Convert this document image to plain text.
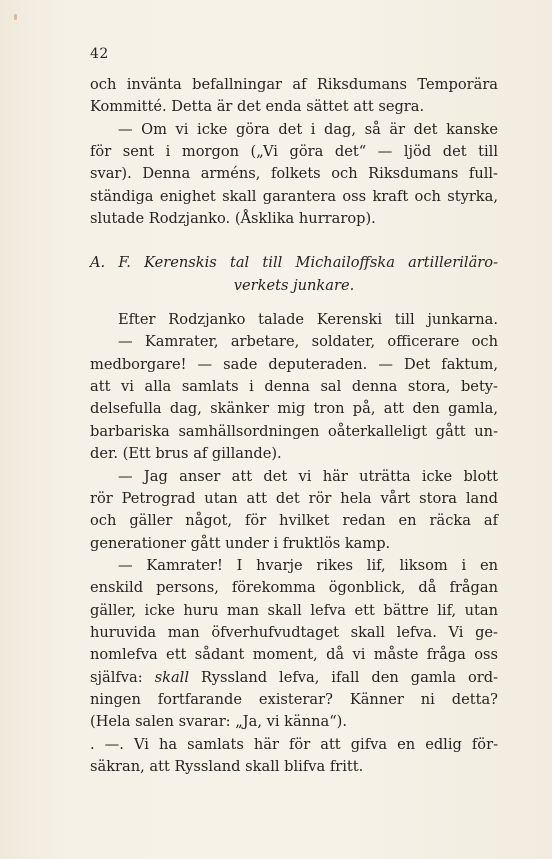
42
och invänta befallningar af Riksdumans Temporära
Kommitté. Detta är det enda sättet att segra.
— Om vi icke göra det i dag, så är det kanske
för sent i morgon („Vi göra det“ — ljöd det till
svar). Denna arméns, folkets och Riksdumans full-
ständiga enighet skall garantera oss kraft och styrka,
slutade Rodzjanko. (Åsklika hurrarop).
A. F. Kerenskis tal till Michailoffska artilleriläro-
verkets junkare.
Efter Rodzjanko talade Kerenski till junkarna.
— Kamrater, arbetare, soldater, officerare och
medborgare! — sade deputeraden. — Det faktum,
att vi alla samlats i denna sal denna stora, bety-
delsefulla dag, skänker mig tron på, att den gamla,
barbariska samhällsordningen oåterkalleligt gått un-
der. (Ett brus af gillande).
— Jag anser att det vi här uträtta icke blott
rör Petrograd utan att det rör hela vårt stora land
och gäller något, för hvilket redan en räcka af
generationer gått under i fruktlös kamp.
— Kamrater! I hvarje rikes lif, liksom i en
enskild persons, förekomma ögonblick, då frågan
gäller, icke huru man skall lefva ett bättre lif, utan
huruvida man öfverhufvudtaget skall lefva. Vi ge-
nomlefva ett sådant moment, då vi måste fråga oss
själfva: skall Ryssland lefva, ifall den gamla ord-
ningen fortfarande existerar? Känner ni detta?
(Hela salen svarar: „Ja, vi känna“).
. —. Vi ha samlats här för att gifva en edlig för-
säkran, att Ryssland skall blifva fritt.
